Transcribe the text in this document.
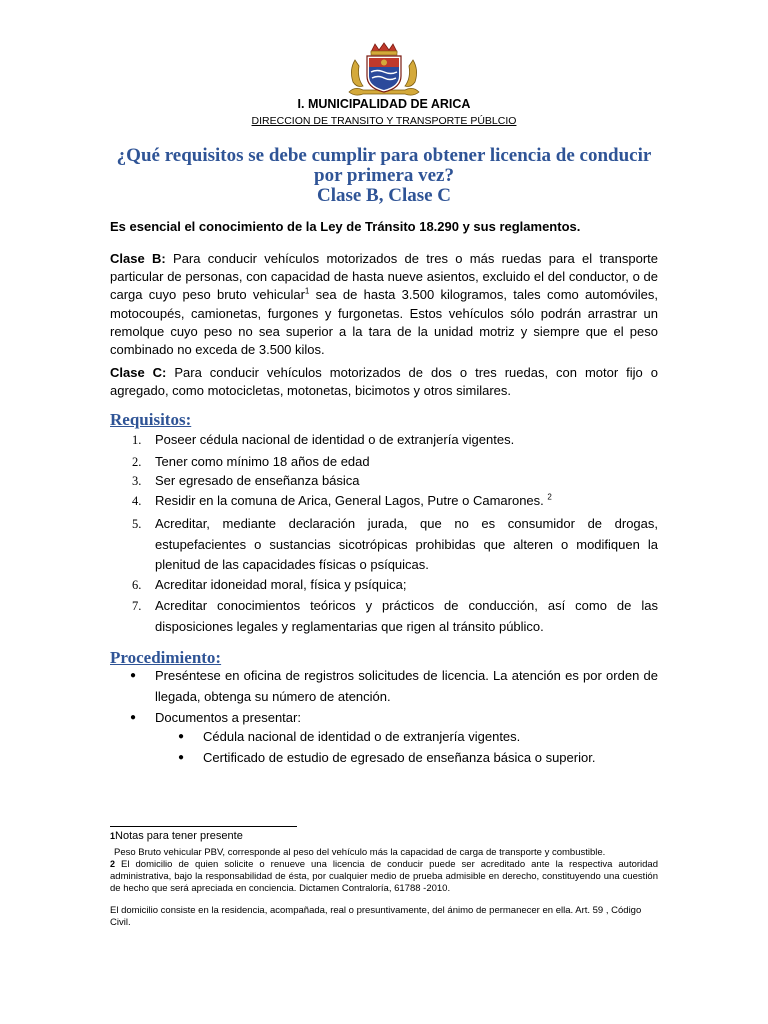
I. MUNICIPALIDAD DE ARICA
DIRECCION DE TRANSITO Y TRANSPORTE PÚBLCIO
¿Qué requisitos se debe cumplir para obtener licencia de conducir
por primera vez?
Clase B, Clase C
Es esencial el conocimiento de la Ley de Tránsito 18.290 y sus reglamentos.
Clase B: Para conducir vehículos motorizados de tres o más ruedas para el transporte particular de personas, con capacidad de hasta nueve asientos, excluido el del conductor, o de carga cuyo peso bruto vehicular$^1$ sea de hasta 3.500 kilogramos, tales como automóviles, motocoupés, camionetas, furgones y furgonetas. Estos vehículos sólo podrán arrastrar un remolque cuyo peso no sea superior a la tara de la unidad motriz y siempre que el peso combinado no exceda de 3.500 kilos.
Clase C: Para conducir vehículos motorizados de dos o tres ruedas, con motor fijo o agregado, como motocicletas, motonetas, bicimotos y otros similares.
Requisitos:
1. Poseer cédula nacional de identidad o de extranjería vigentes.
2. Tener como mínimo 18 años de edad
3. Ser egresado de enseñanza básica
4. Residir en la comuna de Arica, General Lagos, Putre o Camarones. $^2$
5. Acreditar, mediante declaración jurada, que no es consumidor de drogas, estupefacientes o sustancias sicotrópicas prohibidas que alteren o modifiquen la plenitud de las capacidades físicas o psíquicas.
6. Acreditar idoneidad moral, física y psíquica;
7. Acreditar conocimientos teóricos y prácticos de conducción, así como de las disposiciones legales y reglamentarias que rigen al tránsito público.
Procedimiento:
● Preséntese en oficina de registros solicitudes de licencia. La atención es por orden de llegada, obtenga su número de atención.
● Documentos a presentar:
● Cédula nacional de identidad o de extranjería vigentes.
● Certificado de estudio de egresado de enseñanza básica o superior.
$^1$Notas para tener presente
Peso Bruto vehicular PBV, corresponde al peso del vehículo más la capacidad de carga de transporte y combustible.
2 El domicilio de quien solicite o renueve una licencia de conducir puede ser acreditado ante la respectiva autoridad administrativa, bajo la responsabilidad de ésta, por cualquier medio de prueba admisible en derecho, constituyendo una cuestión de hecho que será apreciada en conciencia. Dictamen Contraloría, 61788 -2010.
El domicilio consiste en la residencia, acompañada, real o presuntivamente, del ánimo de permanecer en ella. Art. 59 , Código Civil.
